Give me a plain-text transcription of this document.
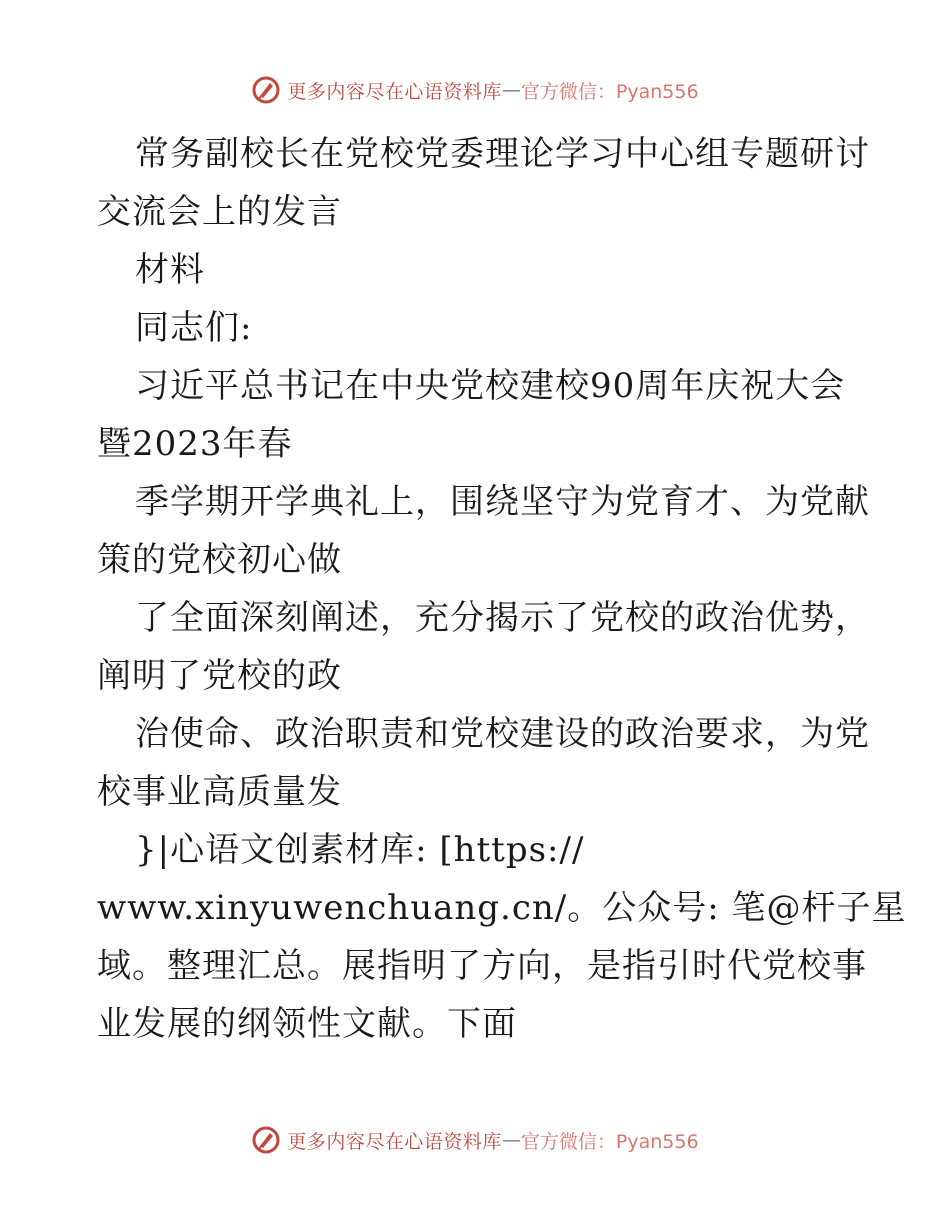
更多内容尽在心语资料库 — 官方微信：Pyan556
常务副校长在党校党委理论学习中心组专题研讨
交流会上的发言
材料
同志们:
习近平总书记在中央党校建校90周年庆祝大会
暨2023年春
季学期开学典礼上，围绕坚守为党育才、为党献
策的党校初心做
了全面深刻阐述，充分揭示了党校的政治优势，
阐明了党校的政
治使命、政治职责和党校建设的政治要求，为党
校事业高质量发
}|心语文创素材库: [https://
www.xinyuwenchuang.cn/。公众号: 笔@杆子星
域。整理汇总。展指明了方向，是指引时代党校事
业发展的纲领性文献。下面
更多内容尽在心语资料库 — 官方微信：Pyan556
